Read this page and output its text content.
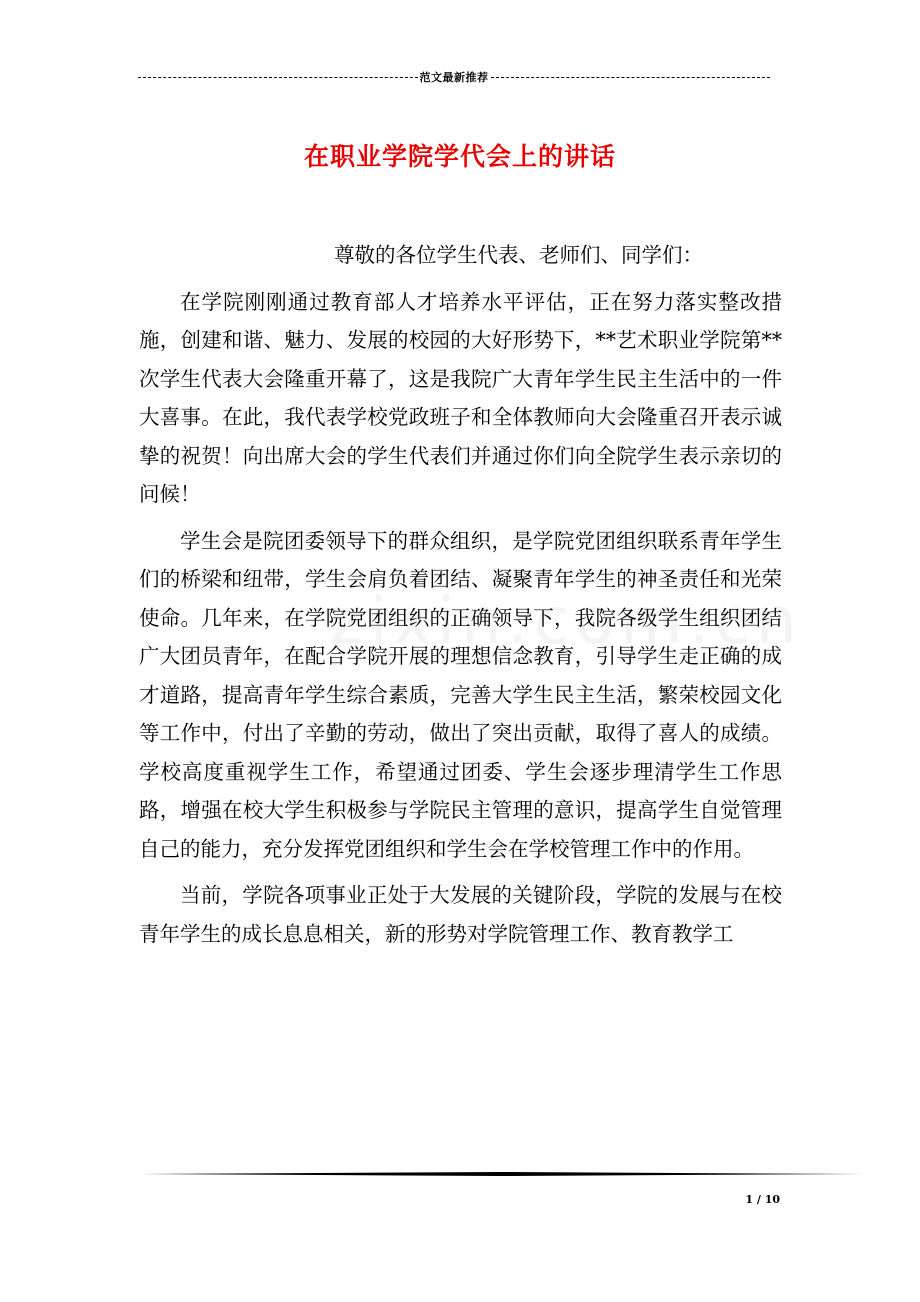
范文最新推荐
在职业学院学代会上的讲话

尊敬的各位学生代表、老师们、同学们：

在学院刚刚通过教育部人才培养水平评估，正在努力落实整改措施，创建和谐、魅力、发展的校园的大好形势下，**艺术职业学院第**次学生代表大会隆重开幕了，这是我院广大青年学生民主生活中的一件大喜事。在此，我代表学校党政班子和全体教师向大会隆重召开表示诚挚的祝贺！向出席大会的学生代表们并通过你们向全院学生表示亲切的问候！

学生会是院团委领导下的群众组织，是学院党团组织联系青年学生们的桥梁和纽带，学生会肩负着团结、凝聚青年学生的神圣责任和光荣使命。几年来，在学院党团组织的正确领导下，我院各级学生组织团结广大团员青年，在配合学院开展的理想信念教育，引导学生走正确的成才道路，提高青年学生综合素质，完善大学生民主生活，繁荣校园文化等工作中，付出了辛勤的劳动，做出了突出贡献，取得了喜人的成绩。学校高度重视学生工作，希望通过团委、学生会逐步理清学生工作思路，增强在校大学生积极参与学院民主管理的意识，提高学生自觉管理自己的能力，充分发挥党团组织和学生会在学校管理工作中的作用。

当前，学院各项事业正处于大发展的关键阶段，学院的发展与在校青年学生的成长息息相关，新的形势对学院管理工作、教育教学工

1 / 10
